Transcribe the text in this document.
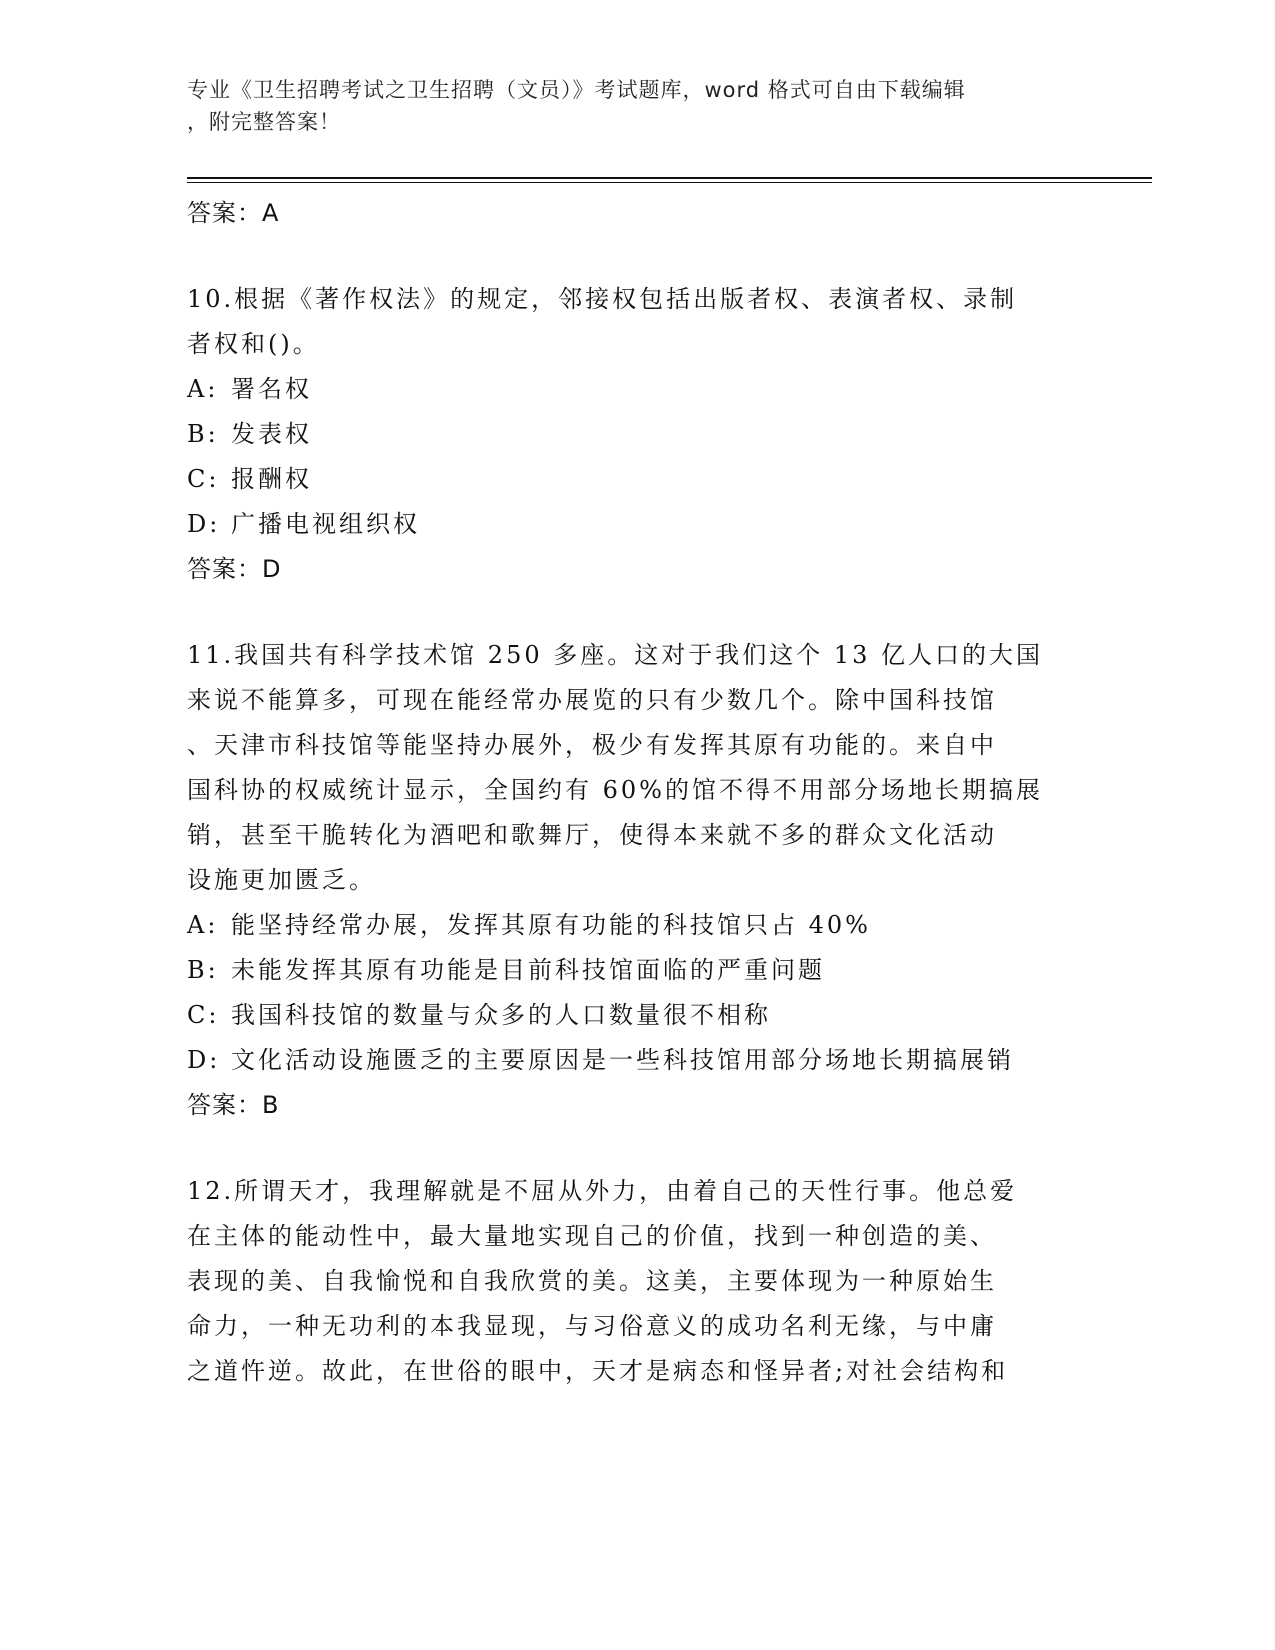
专业《卫生招聘考试之卫生招聘（文员）》考试题库，word 格式可自由下载编辑
，附完整答案！
答案：A
10.根据《著作权法》的规定，邻接权包括出版者权、表演者权、录制
者权和()。
A: 署名权
B: 发表权
C: 报酬权
D: 广播电视组织权
答案：D
11.我国共有科学技术馆 250 多座。这对于我们这个 13 亿人口的大国
来说不能算多，可现在能经常办展览的只有少数几个。除中国科技馆
、天津市科技馆等能坚持办展外，极少有发挥其原有功能的。来自中
国科协的权威统计显示，全国约有 60%的馆不得不用部分场地长期搞展
销，甚至干脆转化为酒吧和歌舞厅，使得本来就不多的群众文化活动
设施更加匮乏。
A: 能坚持经常办展，发挥其原有功能的科技馆只占 40%
B: 未能发挥其原有功能是目前科技馆面临的严重问题
C: 我国科技馆的数量与众多的人口数量很不相称
D: 文化活动设施匮乏的主要原因是一些科技馆用部分场地长期搞展销
答案：B
12.所谓天才，我理解就是不屈从外力，由着自己的天性行事。他总爱
在主体的能动性中，最大量地实现自己的价值，找到一种创造的美、
表现的美、自我愉悦和自我欣赏的美。这美，主要体现为一种原始生
命力，一种无功利的本我显现，与习俗意义的成功名利无缘，与中庸
之道忤逆。故此，在世俗的眼中，天才是病态和怪异者;对社会结构和
